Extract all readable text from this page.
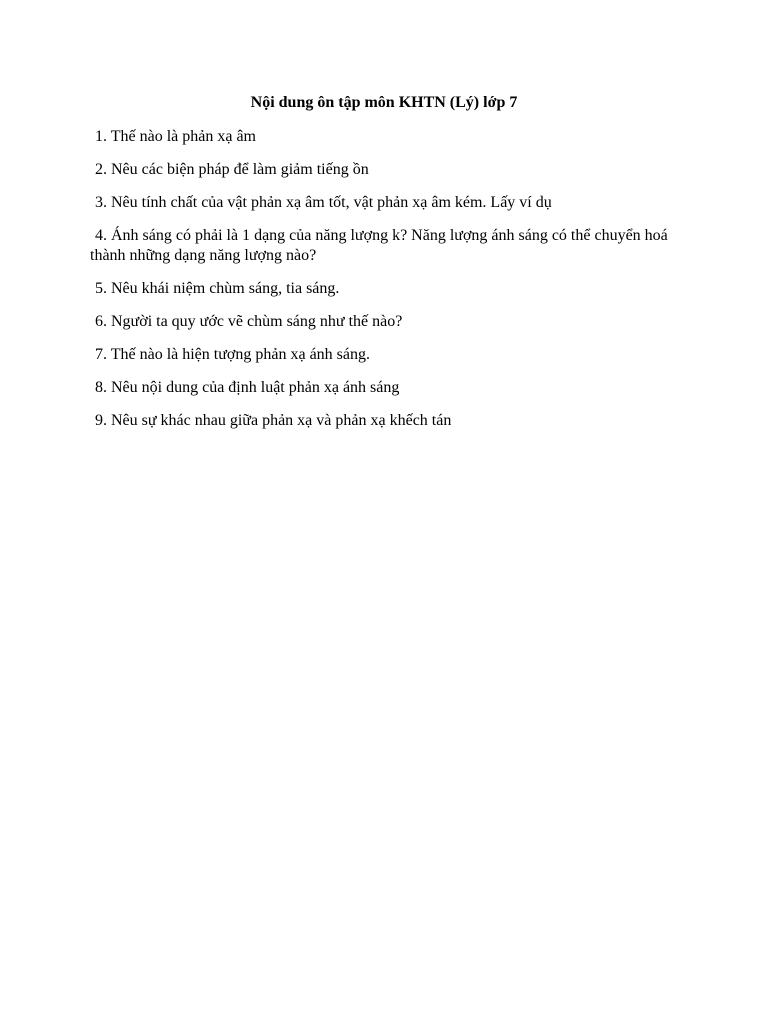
Nội dung ôn tập môn KHTN (Lý) lớp 7
1. Thế nào là phản xạ âm
2. Nêu các biện pháp để làm giảm tiếng ồn
3. Nêu tính chất của vật phản xạ âm tốt, vật phản xạ âm kém. Lấy ví dụ
4. Ánh sáng có phải là 1 dạng của năng lượng k? Năng lượng ánh sáng có thể chuyển hoá thành những dạng năng lượng nào?
5. Nêu khái niệm chùm sáng, tia sáng.
6. Người ta quy ước vẽ chùm sáng như thế nào?
7. Thế nào là hiện tượng phản xạ ánh sáng.
8. Nêu nội dung của định luật phản xạ ánh sáng
9. Nêu sự khác nhau giữa phản xạ và phản xạ khếch tán
